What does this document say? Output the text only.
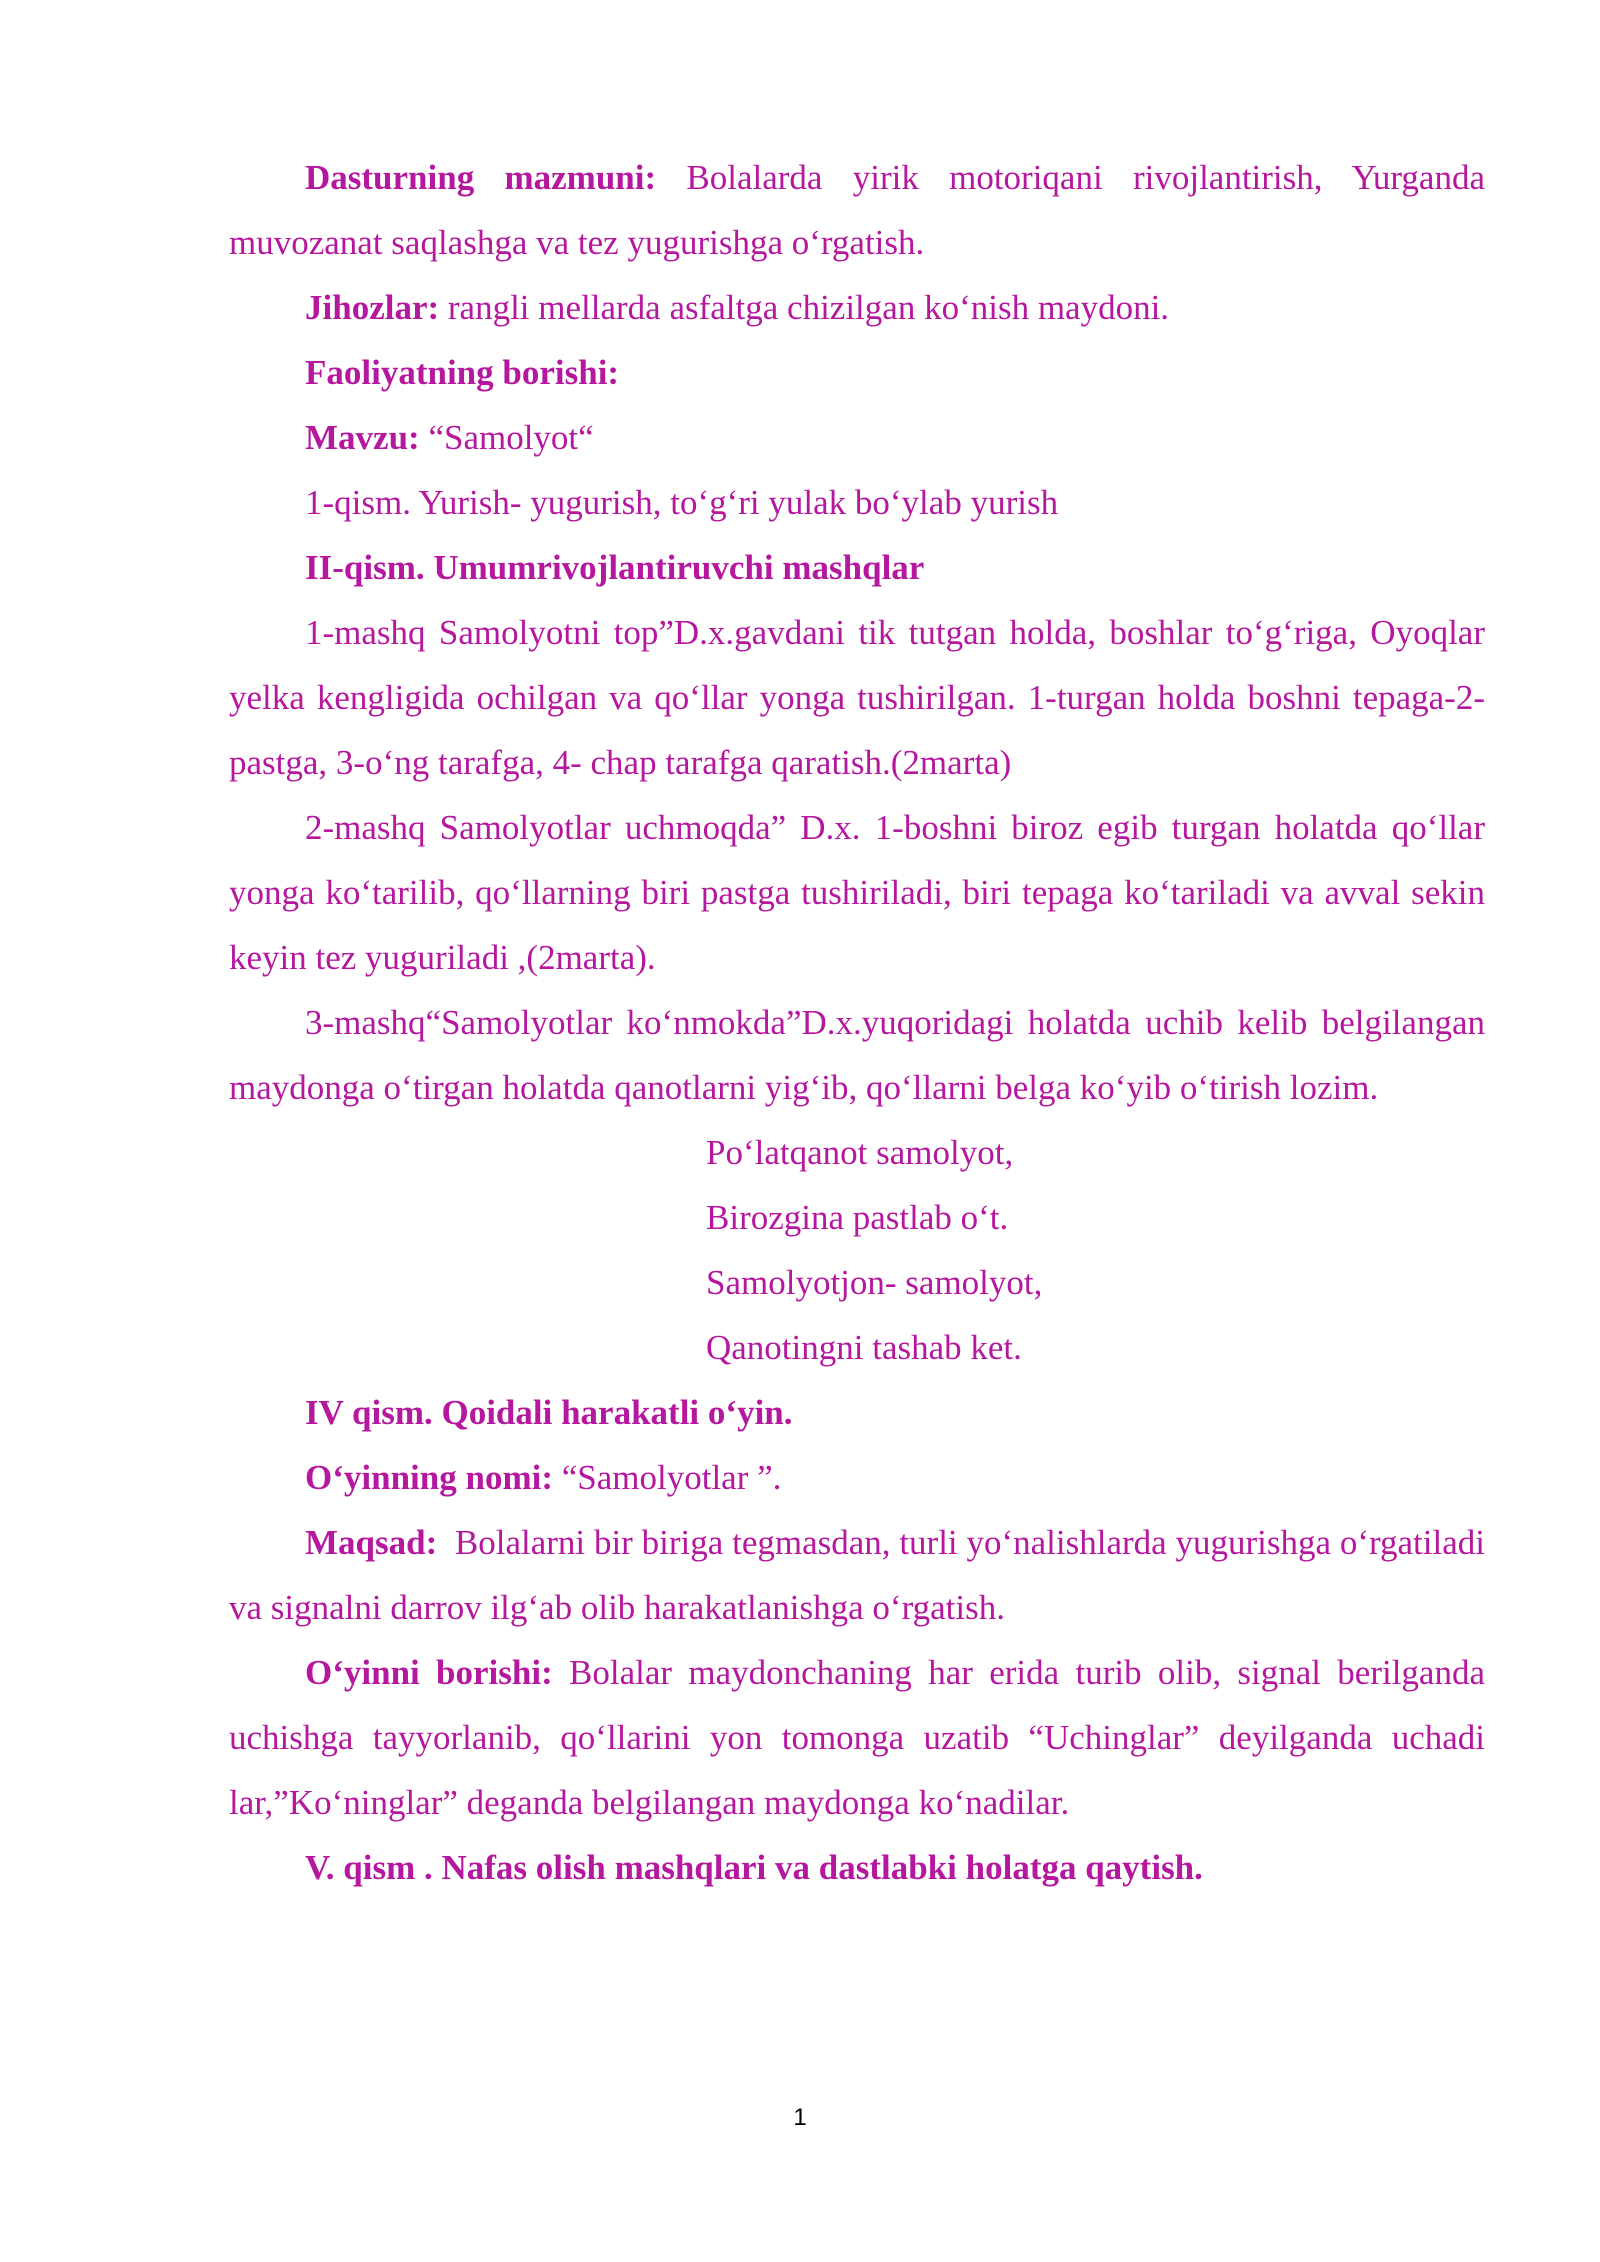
Dasturning mazmuni: Bolalarda yirik motoriqani rivojlantirish, Yurganda muvozanat saqlashga va tez yugurishga o‘rgatish.

Jihozlar: rangli mellarda asfaltga chizilgan ko‘nish maydoni.

Faoliyatning borishi:

Mavzu: “Samolyot“

1-qism. Yurish- yugurish, to‘g‘ri yulak bo‘ylab yurish

II-qism. Umumrivojlantiruvchi mashqlar

1-mashq Samolyotni top”D.x.gavdani tik tutgan holda, boshlar to‘g‘riga, Oyoqlar yelka kengligida ochilgan va qo‘llar yonga tushirilgan. 1-turgan holda boshni tepaga-2-pastga, 3-o‘ng tarafga, 4- chap tarafga qaratish.(2marta)

2-mashq Samolyotlar uchmoqda” D.x. 1-boshni biroz egib turgan holatda qo‘llar yonga ko‘tarilib, qo‘llarning biri pastga tushiriladi, biri tepaga ko‘tariladi va avval sekin keyin tez yuguriladi ,(2marta).

3-mashq“Samolyotlar ko‘nmokda”D.x.yuqoridagi holatda uchib kelib belgilangan maydonga o‘tirgan holatda qanotlarni yig‘ib, qo‘llarni belga ko‘yib o‘tirish lozim.

Po‘latqanot samolyot,
Birozgina pastlab o‘t.
Samolyotjon- samolyot,
Qanotingni tashab ket.

IV qism. Qoidali harakatli o‘yin.

O‘yinning nomi: “Samolyotlar ”.

Maqsad:  Bolalarni bir biriga tegmasdan, turli yo‘nalishlarda yugurishga o‘rgatiladi va signalni darrov ilg‘ab olib harakatlanishga o‘rgatish.

O‘yinni borishi: Bolalar maydonchaning har erida turib olib, signal berilganda uchishga tayyorlanib, qo‘llarini yon tomonga uzatib “Uchinglar” deyilganda uchadi lar,”Ko‘ninglar” deganda belgilangan maydonga ko‘nadilar.

V. qism . Nafas olish mashqlari va dastlabki holatga qaytish.

1
